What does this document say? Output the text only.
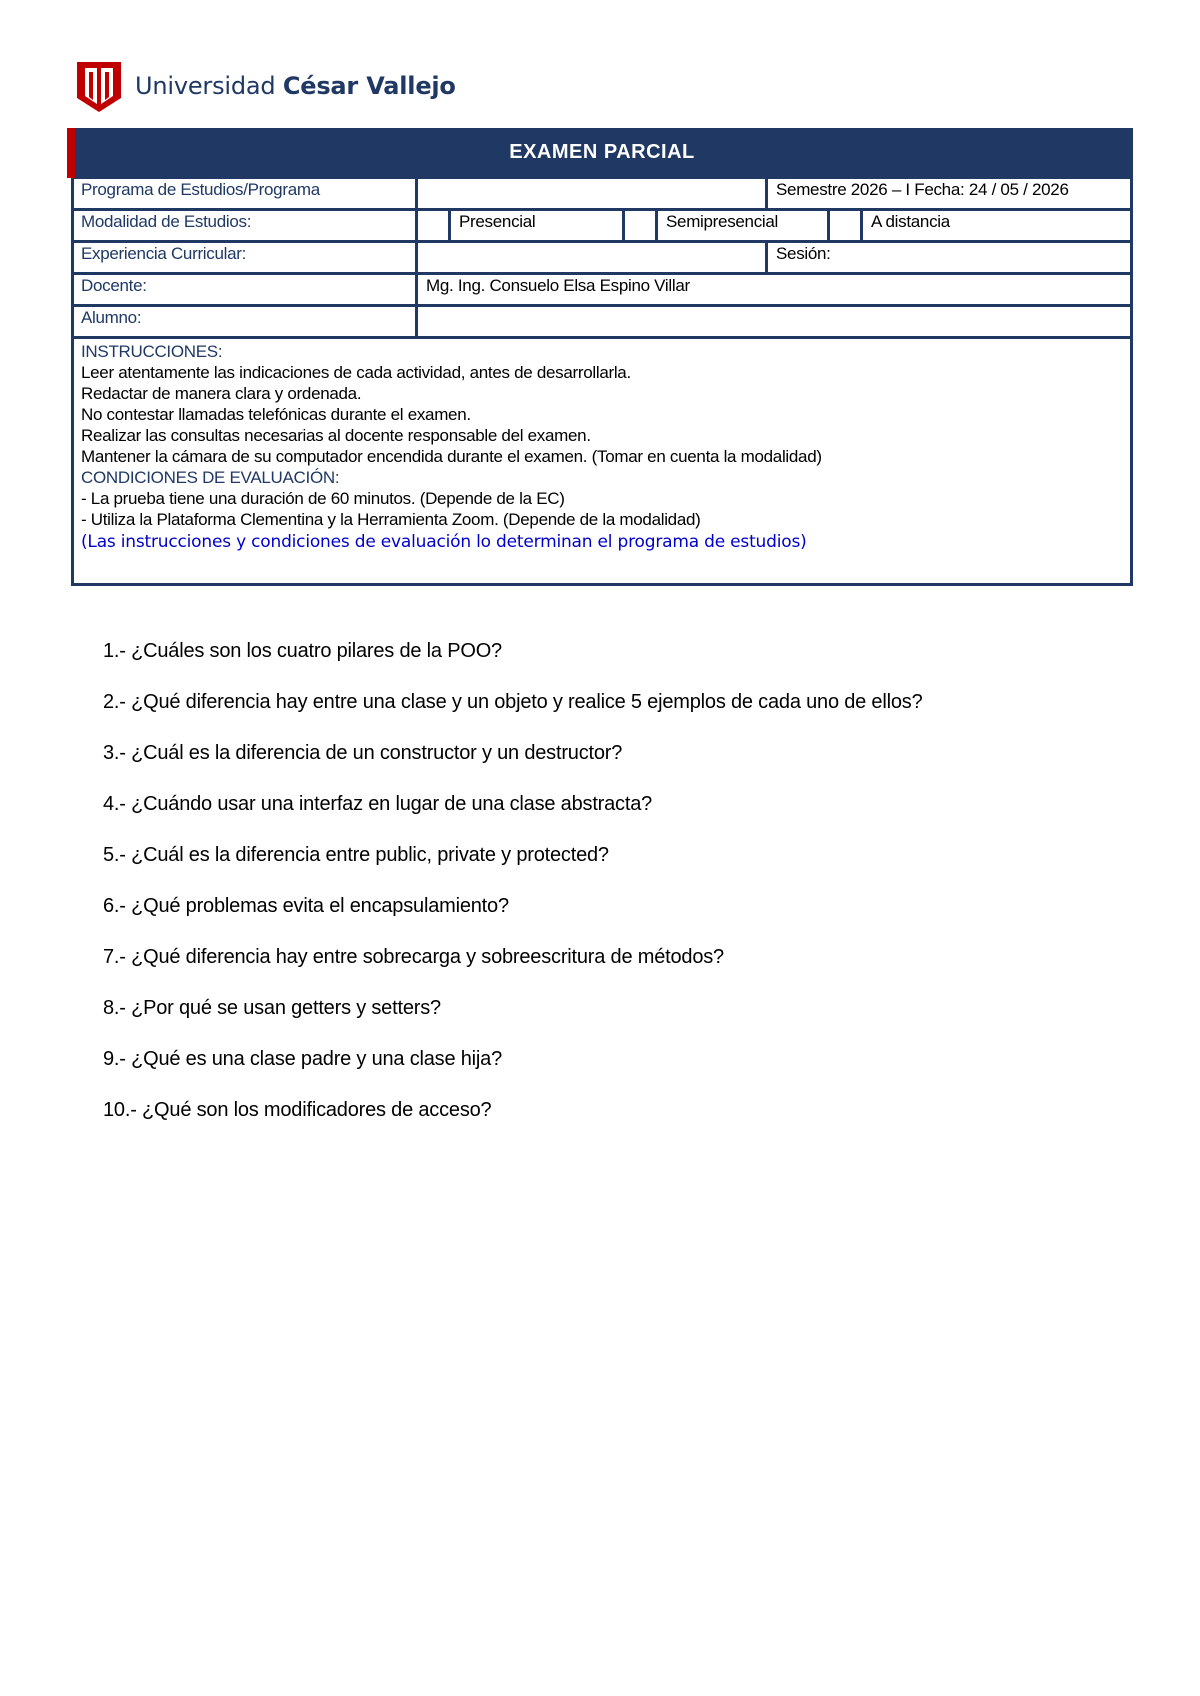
Universidad César Vallejo
EXAMEN PARCIAL
Programa de Estudios/Programa	Semestre 2026 – I Fecha: 24 / 05 / 2026
Modalidad de Estudios:	Presencial	Semipresencial	A distancia
Experiencia Curricular:	Sesión:
Docente:	Mg. Ing. Consuelo Elsa Espino Villar
Alumno:
INSTRUCCIONES:
Leer atentamente las indicaciones de cada actividad, antes de desarrollarla.
Redactar de manera clara y ordenada.
No contestar llamadas telefónicas durante el examen.
Realizar las consultas necesarias al docente responsable del examen.
Mantener la cámara de su computador encendida durante el examen. (Tomar en cuenta la modalidad)
CONDICIONES DE EVALUACIÓN:
- La prueba tiene una duración de 60 minutos. (Depende de la EC)
- Utiliza la Plataforma Clementina y la Herramienta Zoom. (Depende de la modalidad)
(Las instrucciones y condiciones de evaluación lo determinan el programa de estudios)
1.- ¿Cuáles son los cuatro pilares de la POO?
2.- ¿Qué diferencia hay entre una clase y un objeto y realice 5 ejemplos de cada uno de ellos?
3.- ¿Cuál es la diferencia de un constructor y un destructor?
4.- ¿Cuándo usar una interfaz en lugar de una clase abstracta?
5.- ¿Cuál es la diferencia entre public, private y protected?
6.- ¿Qué problemas evita el encapsulamiento?
7.- ¿Qué diferencia hay entre sobrecarga y sobreescritura de métodos?
8.- ¿Por qué se usan getters y setters?
9.- ¿Qué es una clase padre y una clase hija?
10.- ¿Qué son los modificadores de acceso?
